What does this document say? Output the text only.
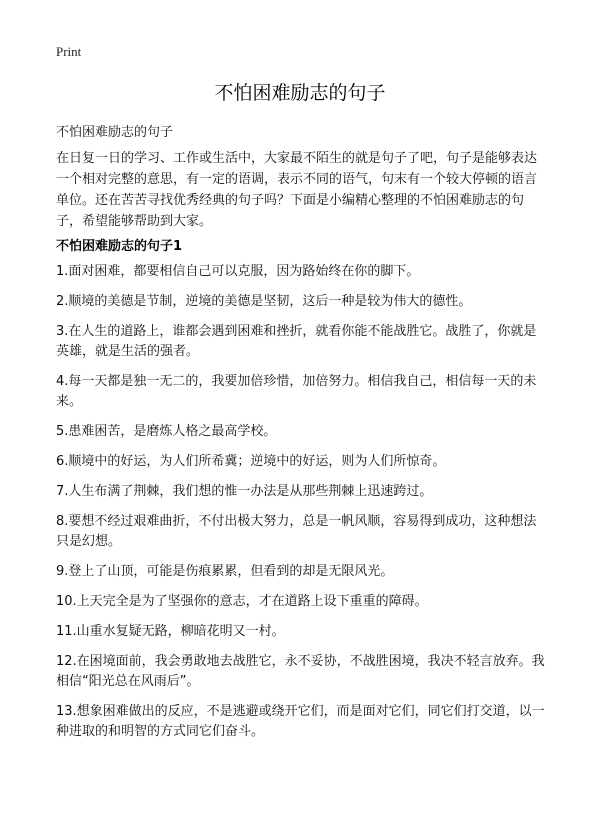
Print
不怕困难励志的句子

不怕困难励志的句子

在日复一日的学习、工作或生活中，大家最不陌生的就是句子了吧，句子是能够表达一个相对完整的意思，有一定的语调，表示不同的语气，句末有一个较大停顿的语言单位。还在苦苦寻找优秀经典的句子吗？下面是小编精心整理的不怕困难励志的句子，希望能够帮助到大家。

不怕困难励志的句子1
1.面对困难，都要相信自己可以克服，因为路始终在你的脚下。
2.顺境的美德是节制，逆境的美德是坚韧，这后一种是较为伟大的德性。
3.在人生的道路上，谁都会遇到困难和挫折，就看你能不能战胜它。战胜了，你就是英雄，就是生活的强者。
4.每一天都是独一无二的，我要加倍珍惜，加倍努力。相信我自己，相信每一天的未来。
5.患难困苦，是磨炼人格之最高学校。
6.顺境中的好运，为人们所希冀；逆境中的好运，则为人们所惊奇。
7.人生布满了荆棘，我们想的惟一办法是从那些荆棘上迅速跨过。
8.要想不经过艰难曲折，不付出极大努力，总是一帆风顺，容易得到成功，这种想法只是幻想。
9.登上了山顶，可能是伤痕累累，但看到的却是无限风光。
10.上天完全是为了坚强你的意志，才在道路上设下重重的障碍。
11.山重水复疑无路，柳暗花明又一村。
12.在困境面前，我会勇敢地去战胜它，永不妥协，不战胜困境，我决不轻言放弃。我相信“阳光总在风雨后”。
13.想象困难做出的反应，不是逃避或绕开它们，而是面对它们，同它们打交道，以一种进取的和明智的方式同它们奋斗。
